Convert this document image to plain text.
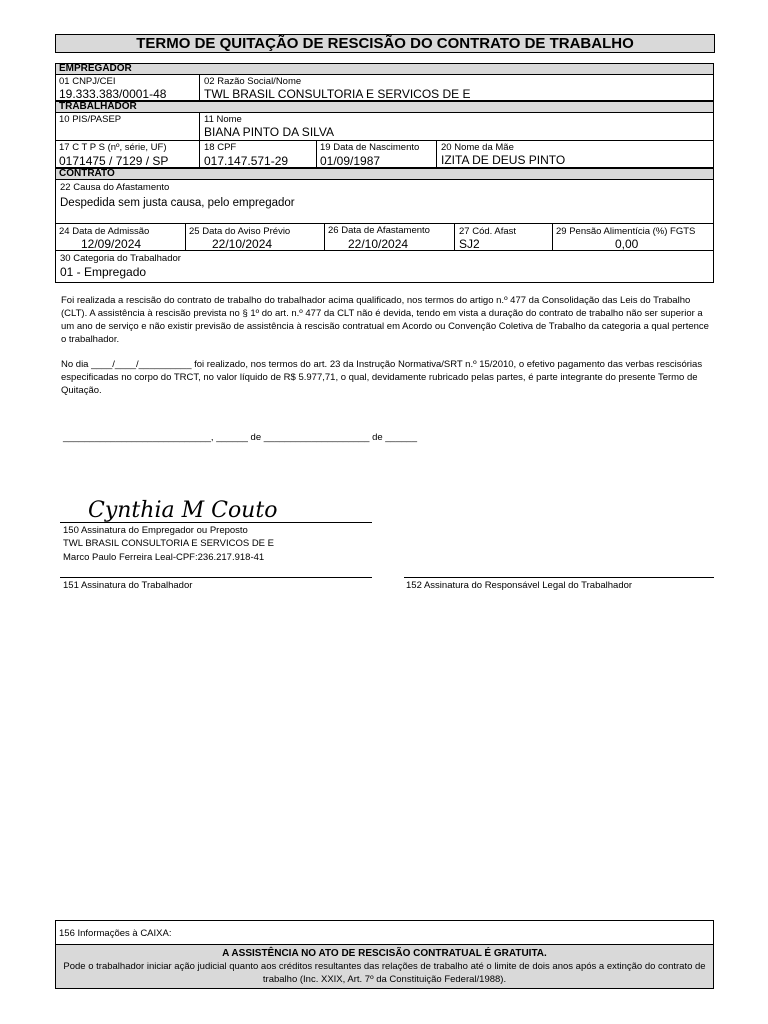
TERMO DE QUITAÇÃO DE RESCISÃO DO CONTRATO DE TRABALHO
EMPREGADOR
01 CNPJ/CEI
19.333.383/0001-48
02 Razão Social/Nome
TWL BRASIL CONSULTORIA E SERVICOS DE E
TRABALHADOR
10 PIS/PASEP	11 Nome
BIANA PINTO DA SILVA
17 C T P S (nº, série, UF)
0171475 / 7129 / SP
18 CPF
017.147.571-29
19 Data de Nascimento
01/09/1987
20 Nome da Mãe
IZITA DE DEUS PINTO
CONTRATO
22 Causa do Afastamento
Despedida sem justa causa, pelo empregador
24 Data de Admissão
12/09/2024
25 Data do Aviso Prévio
22/10/2024
26 Data de Afastamento
22/10/2024
27 Cód. Afast
SJ2
29 Pensão Alimentícia (%) FGTS
0,00
30 Categoria do Trabalhador
01 - Empregado
Foi realizada a rescisão do contrato de trabalho do trabalhador acima qualificado, nos termos do artigo n.º 477 da Consolidação das Leis do Trabalho (CLT). A assistência à rescisão prevista no § 1º do art. n.º 477 da CLT não é devida, tendo em vista a duração do contrato de trabalho não ser superior a um ano de serviço e não existir previsão de assistência à rescisão contratual em Acordo ou Convenção Coletiva de Trabalho da categoria a qual pertence o trabalhador.
No dia ____/____/__________ foi realizado, nos termos do art. 23 da Instrução Normativa/SRT n.º 15/2010, o efetivo pagamento das verbas rescisórias especificadas no corpo do TRCT, no valor líquido de R$ 5.977,71, o qual, devidamente rubricado pelas partes, é parte integrante do presente Termo de Quitação.
____________________________, ______ de ____________________ de ______
Cynthia M Couto
150 Assinatura do Empregador ou Preposto
TWL BRASIL CONSULTORIA E SERVICOS DE E
Marco Paulo Ferreira Leal-CPF:236.217.918-41
151 Assinatura do Trabalhador	152 Assinatura do Responsável Legal do Trabalhador
156 Informações à CAIXA:
A ASSISTÊNCIA NO ATO DE RESCISÃO CONTRATUAL É GRATUITA.
Pode o trabalhador iniciar ação judicial quanto aos créditos resultantes das relações de trabalho até o limite de dois anos após a extinção do contrato de trabalho (Inc. XXIX, Art. 7º da Constituição Federal/1988).
